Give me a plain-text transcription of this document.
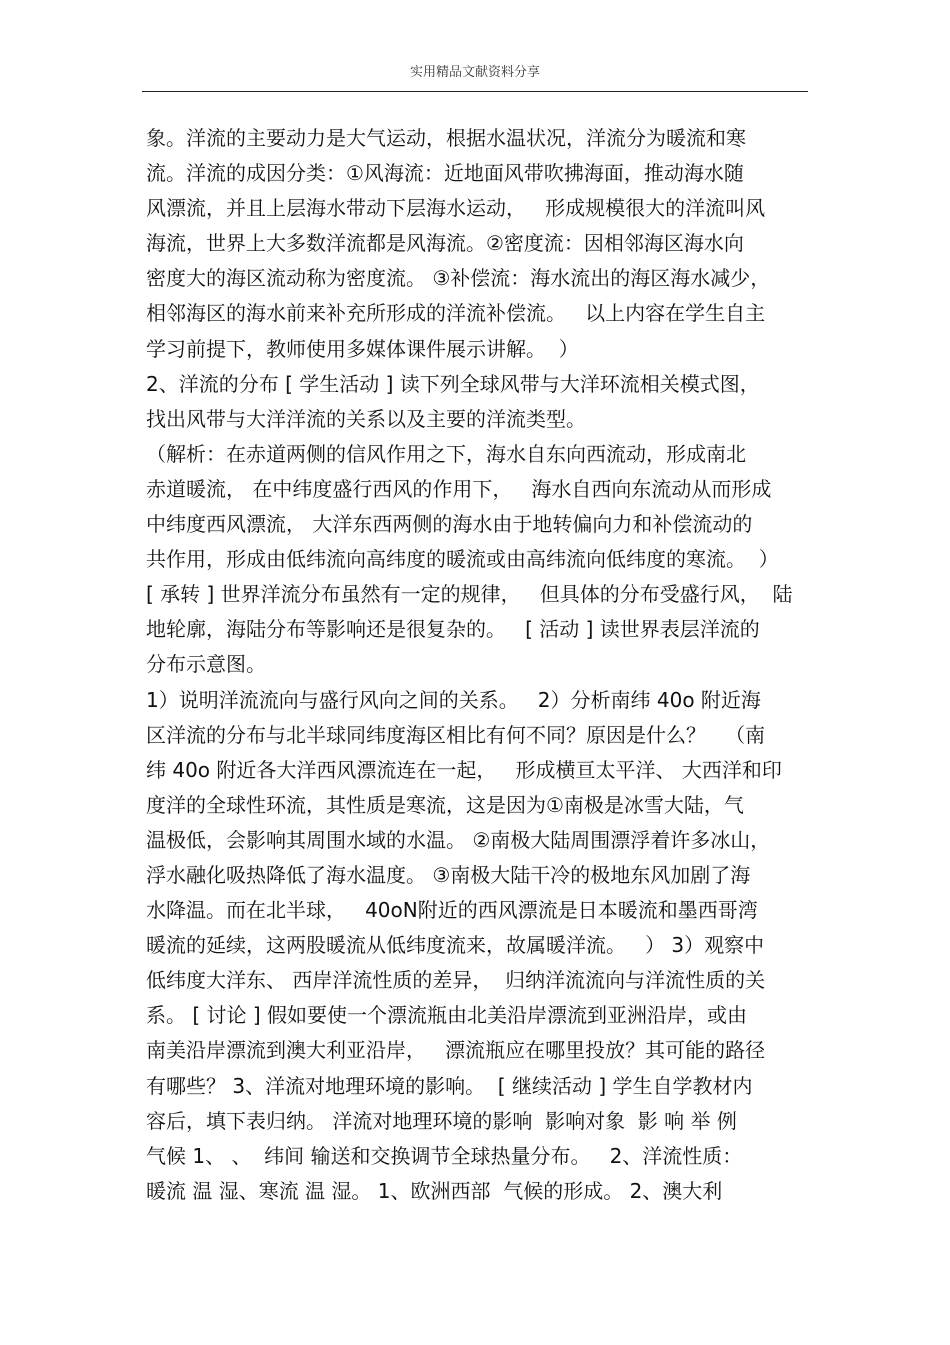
实用精品文献资料分享
象。洋流的主要动力是大气运动，根据水温状况，洋流分为暖流和寒
流。洋流的成因分类：①风海流：近地面风带吹拂海面，推动海水随
风漂流，并且上层海水带动下层海水运动，   形成规模很大的洋流叫风
海流，世界上大多数洋流都是风海流。②密度流：因相邻海区海水向
密度大的海区流动称为密度流。 ③补偿流：海水流出的海区海水减少，
相邻海区的海水前来补充所形成的洋流补偿流。   以上内容在学生自主
学习前提下，教师使用多媒体课件展示讲解。  ）
2、洋流的分布 [ 学生活动 ] 读下列全球风带与大洋环流相关模式图，
找出风带与大洋洋流的关系以及主要的洋流类型。
（解析：在赤道两侧的信风作用之下，海水自东向西流动，形成南北
赤道暖流， 在中纬度盛行西风的作用下，   海水自西向东流动从而形成
中纬度西风漂流， 大洋东西两侧的海水由于地转偏向力和补偿流动的
共作用，形成由低纬流向高纬度的暖流或由高纬流向低纬度的寒流。  ）
[ 承转 ] 世界洋流分布虽然有一定的规律，   但具体的分布受盛行风，  陆
地轮廓，海陆分布等影响还是很复杂的。   [ 活动 ] 读世界表层洋流的
分布示意图。
1）说明洋流流向与盛行风向之间的关系。   2）分析南纬 40o 附近海
区洋流的分布与北半球同纬度海区相比有何不同？原因是什么？   （南
纬 40o 附近各大洋西风漂流连在一起，   形成横亘太平洋、 大西洋和印
度洋的全球性环流，其性质是寒流，这是因为①南极是冰雪大陆，气
温极低，会影响其周围水域的水温。 ②南极大陆周围漂浮着许多冰山，
浮水融化吸热降低了海水温度。 ③南极大陆干冷的极地东风加剧了海
水降温。而在北半球，   40oN附近的西风漂流是日本暖流和墨西哥湾
暖流的延续，这两股暖流从低纬度流来，故属暖洋流。   ） 3）观察中
低纬度大洋东、 西岸洋流性质的差异，  归纳洋流流向与洋流性质的关
系。 [ 讨论 ] 假如要使一个漂流瓶由北美沿岸漂流到亚洲沿岸，或由
南美沿岸漂流到澳大利亚沿岸，   漂流瓶应在哪里投放？其可能的路径
有哪些？ 3、洋流对地理环境的影响。  [ 继续活动 ] 学生自学教材内
容后，填下表归纳。 洋流对地理环境的影响  影响对象  影 响 举 例
气候 1、 、  纬间 输送和交换调节全球热量分布。   2、洋流性质：
暖流 温 湿、寒流 温 湿。 1、欧洲西部  气候的形成。 2、澳大利
